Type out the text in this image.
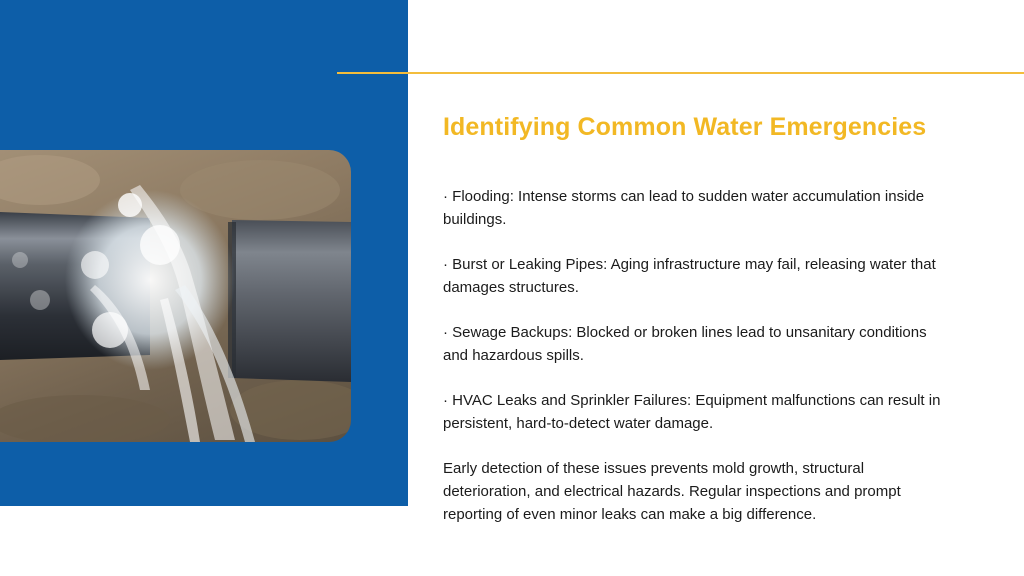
Identifying Common Water Emergencies

· Flooding: Intense storms can lead to sudden water accumulation inside buildings.

· Burst or Leaking Pipes: Aging infrastructure may fail, releasing water that damages structures.

· Sewage Backups: Blocked or broken lines lead to unsanitary conditions and hazardous spills.

· HVAC Leaks and Sprinkler Failures: Equipment malfunctions can result in persistent, hard-to-detect water damage.

Early detection of these issues prevents mold growth, structural deterioration, and electrical hazards. Regular inspections and prompt reporting of even minor leaks can make a big difference.
